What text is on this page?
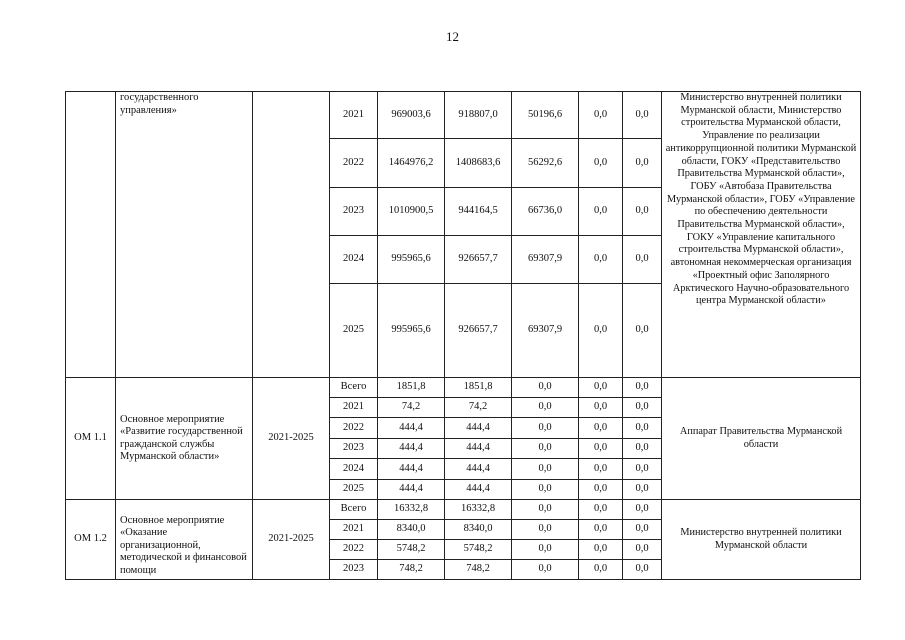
12
	государственного управления»		2021	969003,6	918807,0	50196,6	0,0	0,0	Министерство внутренней политики Мурманской области, Министерство строительства Мурманской области, Управление по реализации антикоррупционной политики Мурманской области, ГОКУ «Представительство Правительства Мурманской области», ГОБУ «Автобаза Правительства Мурманской области», ГОБУ «Управление по обеспечению деятельности Правительства Мурманской области», ГОКУ «Управление капитального строительства Мурманской области», автономная некоммерческая организация «Проектный офис Заполярного Арктического Научно-образовательного центра Мурманской области»
			2022	1464976,2	1408683,6	56292,6	0,0	0,0	
			2023	1010900,5	944164,5	66736,0	0,0	0,0	
			2024	995965,6	926657,7	69307,9	0,0	0,0	
			2025	995965,6	926657,7	69307,9	0,0	0,0	
ОМ 1.1	Основное мероприятие «Развитие государственной гражданской службы Мурманской области»	2021-2025	Всего	1851,8	1851,8	0,0	0,0	0,0	Аппарат Правительства Мурманской области
			2021	74,2	74,2	0,0	0,0	0,0	
			2022	444,4	444,4	0,0	0,0	0,0	
			2023	444,4	444,4	0,0	0,0	0,0	
			2024	444,4	444,4	0,0	0,0	0,0	
			2025	444,4	444,4	0,0	0,0	0,0	
ОМ 1.2	Основное мероприятие «Оказание организационной, методической и финансовой помощи	2021-2025	Всего	16332,8	16332,8	0,0	0,0	0,0	Министерство внутренней политики Мурманской области
			2021	8340,0	8340,0	0,0	0,0	0,0	
			2022	5748,2	5748,2	0,0	0,0	0,0	
			2023	748,2	748,2	0,0	0,0	0,0	
